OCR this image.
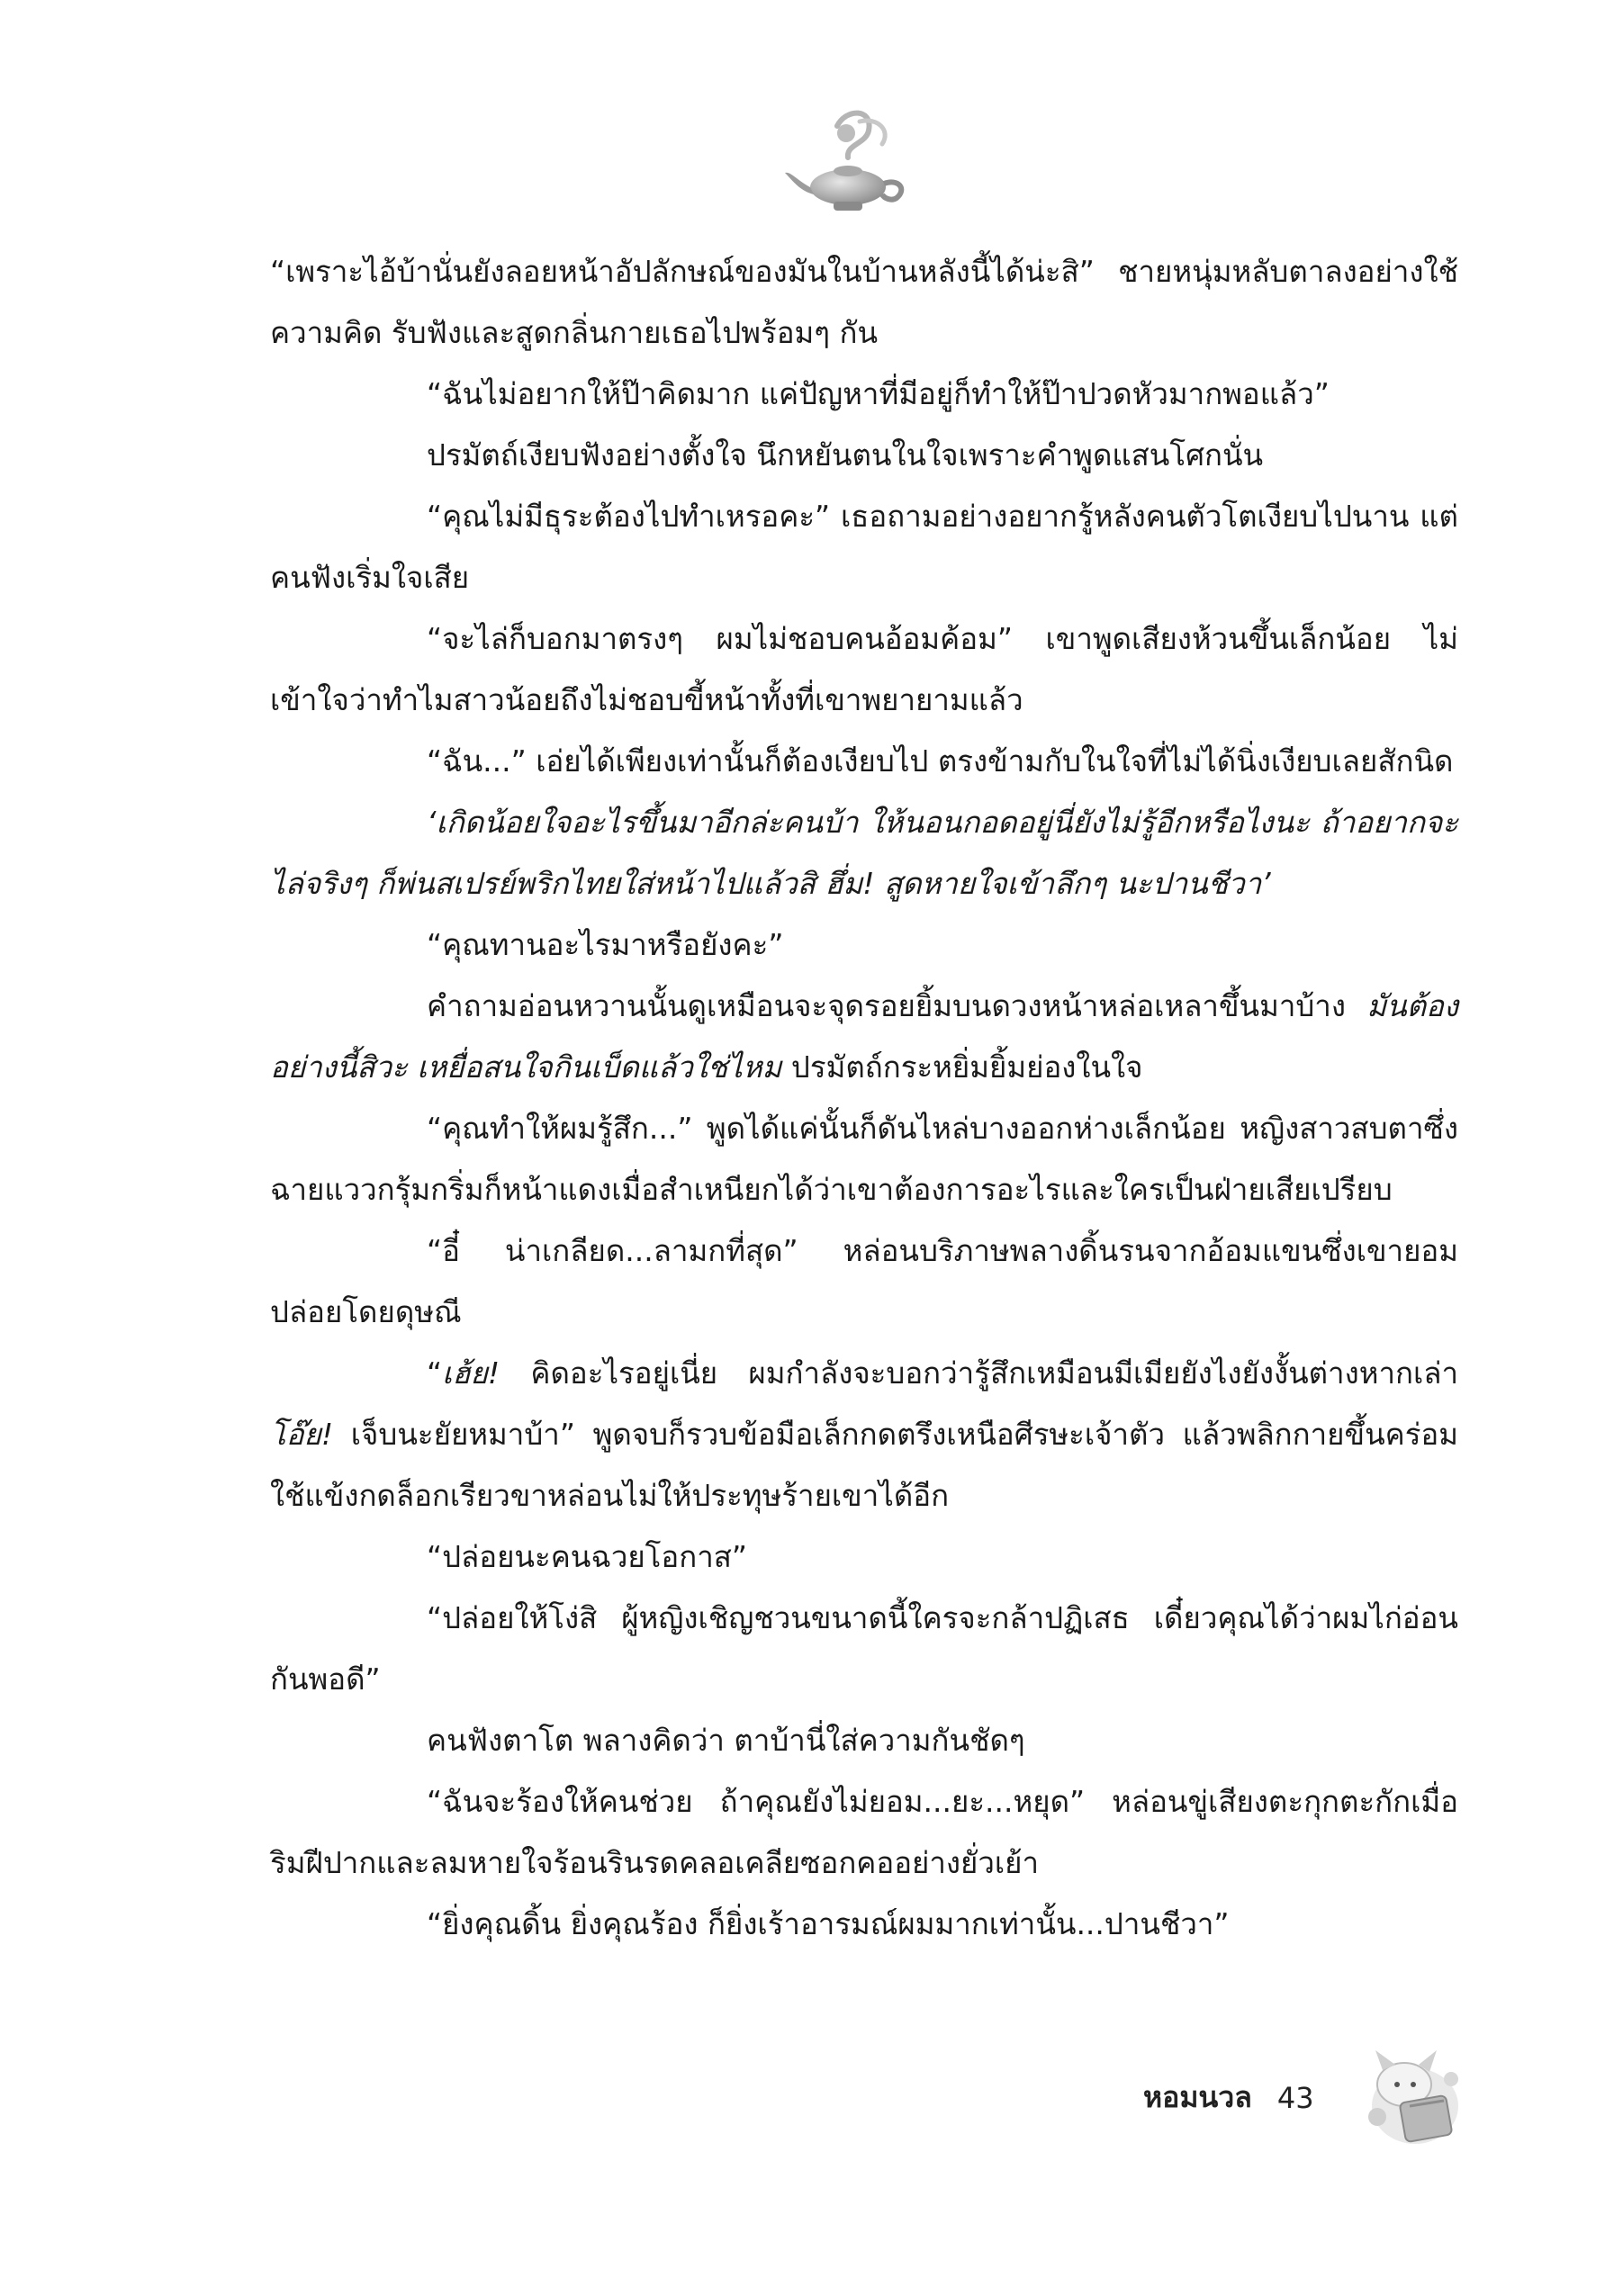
“เพราะไอ้บ้านั่นยังลอยหน้าอัปลักษณ์ของมันในบ้านหลังนี้ได้น่ะสิ” ชายหนุ่มหลับตาลงอย่างใช้ความคิด รับฟังและสูดกลิ่นกายเธอไปพร้อมๆ กัน

“ฉันไม่อยากให้ป๊าคิดมาก แค่ปัญหาที่มีอยู่ก็ทำให้ป๊าปวดหัวมากพอแล้ว”

ปรมัตถ์เงียบฟังอย่างตั้งใจ นึกหยันตนในใจเพราะคำพูดแสนโศกนั่น

“คุณไม่มีธุระต้องไปทำเหรอคะ” เธอถามอย่างอยากรู้หลังคนตัวโตเงียบไปนาน แต่คนฟังเริ่มใจเสีย

“จะไล่ก็บอกมาตรงๆ ผมไม่ชอบคนอ้อมค้อม” เขาพูดเสียงห้วนขึ้นเล็กน้อย ไม่เข้าใจว่าทำไมสาวน้อยถึงไม่ชอบขี้หน้าทั้งที่เขาพยายามแล้ว

“ฉัน...” เอ่ยได้เพียงเท่านั้นก็ต้องเงียบไป ตรงข้ามกับในใจที่ไม่ได้นิ่งเงียบเลยสักนิด

‘เกิดน้อยใจอะไรขึ้นมาอีกล่ะคนบ้า ให้นอนกอดอยู่นี่ยังไม่รู้อีกหรือไงนะ ถ้าอยากจะไล่จริงๆ ก็พ่นสเปรย์พริกไทยใส่หน้าไปแล้วสิ ฮึ่ม! สูดหายใจเข้าลึกๆ นะปานชีวา’

“คุณทานอะไรมาหรือยังคะ”

คำถามอ่อนหวานนั้นดูเหมือนจะจุดรอยยิ้มบนดวงหน้าหล่อเหลาขึ้นมาบ้าง มันต้องอย่างนี้สิวะ เหยื่อสนใจกินเบ็ดแล้วใช่ไหม ปรมัตถ์กระหยิ่มยิ้มย่องในใจ

“คุณทำให้ผมรู้สึก...” พูดได้แค่นั้นก็ดันไหล่บางออกห่างเล็กน้อย หญิงสาวสบตาซึ่งฉายแววกรุ้มกริ่มก็หน้าแดงเมื่อสำเหนียกได้ว่าเขาต้องการอะไรและใครเป็นฝ่ายเสียเปรียบ

“อี๋ น่าเกลียด...ลามกที่สุด” หล่อนบริภาษพลางดิ้นรนจากอ้อมแขนซึ่งเขายอมปล่อยโดยดุษณี

“เฮ้ย! คิดอะไรอยู่เนี่ย ผมกำลังจะบอกว่ารู้สึกเหมือนมีเมียยังไงยังงั้นต่างหากเล่า โอ๊ย! เจ็บนะยัยหมาบ้า” พูดจบก็รวบข้อมือเล็กกดตรึงเหนือศีรษะเจ้าตัว แล้วพลิกกายขึ้นคร่อม ใช้แข้งกดล็อกเรียวขาหล่อนไม่ให้ประทุษร้ายเขาได้อีก

“ปล่อยนะคนฉวยโอกาส”

“ปล่อยให้โง่สิ ผู้หญิงเชิญชวนขนาดนี้ใครจะกล้าปฏิเสธ เดี๋ยวคุณได้ว่าผมไก่อ่อนกันพอดี”

คนฟังตาโต พลางคิดว่า ตาบ้านี่ใส่ความกันชัดๆ

“ฉันจะร้องให้คนช่วย ถ้าคุณยังไม่ยอม...ยะ...หยุด” หล่อนขู่เสียงตะกุกตะกักเมื่อริมฝีปากและลมหายใจร้อนรินรดคลอเคลียซอกคออย่างยั่วเย้า

“ยิ่งคุณดิ้น ยิ่งคุณร้อง ก็ยิ่งเร้าอารมณ์ผมมากเท่านั้น...ปานชีวา”

หอมนวล 43
